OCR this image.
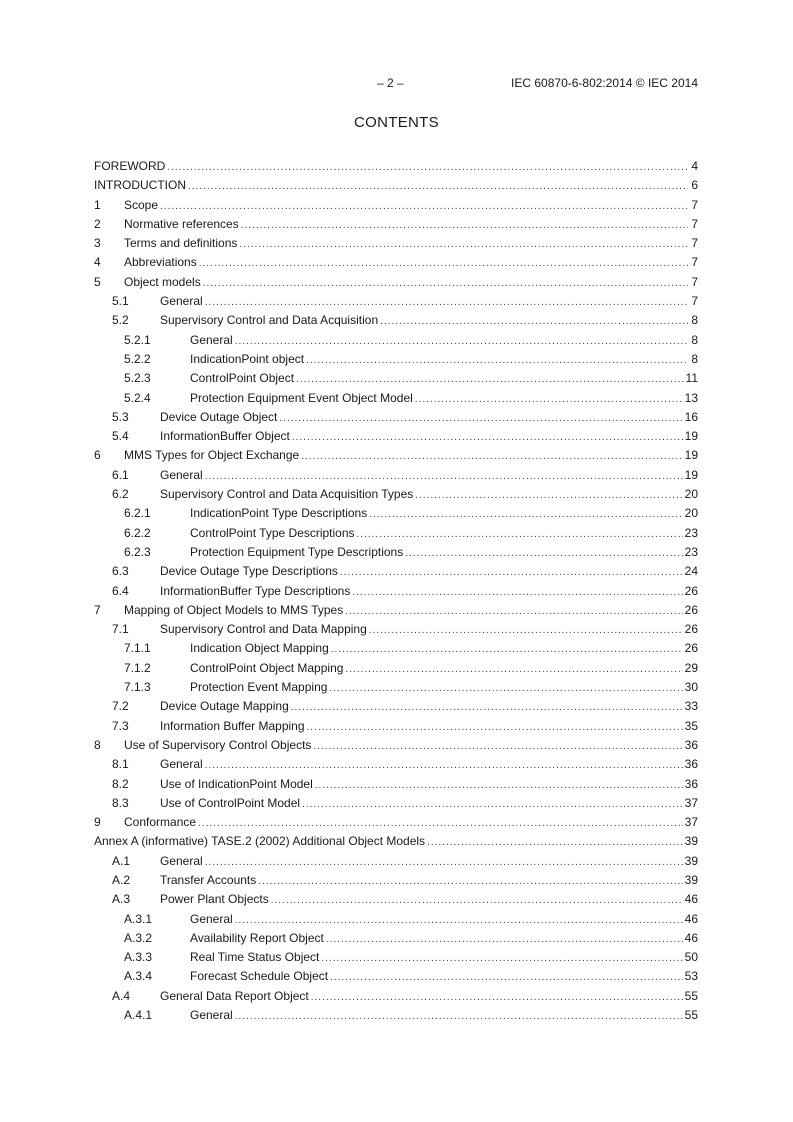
– 2 –	IEC 60870-6-802:2014 © IEC 2014
CONTENTS
FOREWORD .....	4
INTRODUCTION .....	6
1	Scope .....	7
2	Normative references .....	7
3	Terms and definitions .....	7
4	Abbreviations .....	7
5	Object models .....	7
5.1	General .....	7
5.2	Supervisory Control and Data Acquisition .....	8
5.2.1	General .....	8
5.2.2	IndicationPoint object .....	8
5.2.3	ControlPoint Object .....	11
5.2.4	Protection Equipment Event Object Model .....	13
5.3	Device Outage Object .....	16
5.4	InformationBuffer Object .....	19
6	MMS Types for Object Exchange .....	19
6.1	General .....	19
6.2	Supervisory Control and Data Acquisition Types .....	20
6.2.1	IndicationPoint Type Descriptions .....	20
6.2.2	ControlPoint Type Descriptions .....	23
6.2.3	Protection Equipment Type Descriptions .....	23
6.3	Device Outage Type Descriptions .....	24
6.4	InformationBuffer Type Descriptions .....	26
7	Mapping of Object Models to MMS Types .....	26
7.1	Supervisory Control and Data Mapping .....	26
7.1.1	Indication Object Mapping .....	26
7.1.2	ControlPoint Object Mapping .....	29
7.1.3	Protection Event Mapping .....	30
7.2	Device Outage Mapping .....	33
7.3	Information Buffer Mapping .....	35
8	Use of Supervisory Control Objects .....	36
8.1	General .....	36
8.2	Use of IndicationPoint Model .....	36
8.3	Use of ControlPoint Model .....	37
9	Conformance .....	37
Annex A (informative) TASE.2 (2002) Additional Object Models .....	39
A.1	General .....	39
A.2	Transfer Accounts .....	39
A.3	Power Plant Objects .....	46
A.3.1	General .....	46
A.3.2	Availability Report Object .....	46
A.3.3	Real Time Status Object .....	50
A.3.4	Forecast Schedule Object .....	53
A.4	General Data Report Object .....	55
A.4.1	General .....	55
